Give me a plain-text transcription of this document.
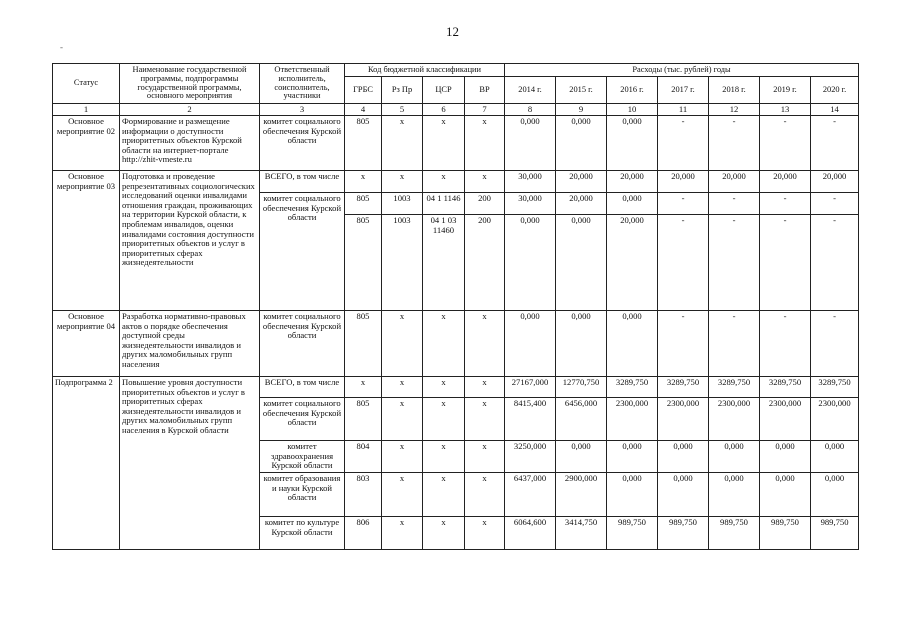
12
-
Статус	Наименование государственной программы, подпрограммы государственной программы, основного мероприятия	Ответственный исполнитель, соисполнитель, участники	Код бюджетной классификации				Расходы (тыс. рублей) годы						
			ГРБС	Рз Пр	ЦСР	ВР	2014 г.	2015 г.	2016 г.	2017 г.	2018 г.	2019 г.	2020 г.
1	2	3	4	5	6	7	8	9	10	11	12	13	14
Основное мероприятие 02	Формирование и размещение информации о доступности приоритетных объектов Курской области на интернет-портале http://zhit-vmeste.ru	комитет социального обеспечения Курской области	805	x	x	x	0,000	0,000	0,000	-	-	-	-
Основное мероприятие 03	Подготовка и проведение репрезентативных социологических исследований оценки инвалидами отношения граждан, проживающих на территории Курской области, к проблемам инвалидов, оценки инвалидами состояния доступности приоритетных объектов и услуг в приоритетных сферах жизнедеятельности	ВСЕГО, в том числе	x	x	x	x	30,000	20,000	20,000	20,000	20,000	20,000	20,000
		комитет социального обеспечения Курской области	805	1003	04 1 1146	200	30,000	20,000	0,000	-	-	-	-
			805	1003	04 1 03 11460	200	0,000	0,000	20,000	-	-	-	-
Основное мероприятие 04	Разработка нормативно-правовых актов о порядке обеспечения доступной среды жизнедеятельности инвалидов и других маломобильных групп населения	комитет социального обеспечения Курской области	805	x	x	x	0,000	0,000	0,000	-	-	-	-
Подпрограмма 2	Повышение уровня доступности приоритетных объектов и услуг в приоритетных сферах жизнедеятельности инвалидов и других маломобильных групп населения в Курской области	ВСЕГО, в том числе	x	x	x	x	27167,000	12770,750	3289,750	3289,750	3289,750	3289,750	3289,750
		комитет социального обеспечения Курской области	805	x	x	x	8415,400	6456,000	2300,000	2300,000	2300,000	2300,000	2300,000
		комитет здравоохранения Курской области	804	x	x	x	3250,000	0,000	0,000	0,000	0,000	0,000	0,000
		комитет образования и науки Курской области	803	x	x	x	6437,000	2900,000	0,000	0,000	0,000	0,000	0,000
		комитет по культуре Курской области	806	x	x	x	6064,600	3414,750	989,750	989,750	989,750	989,750	989,750
